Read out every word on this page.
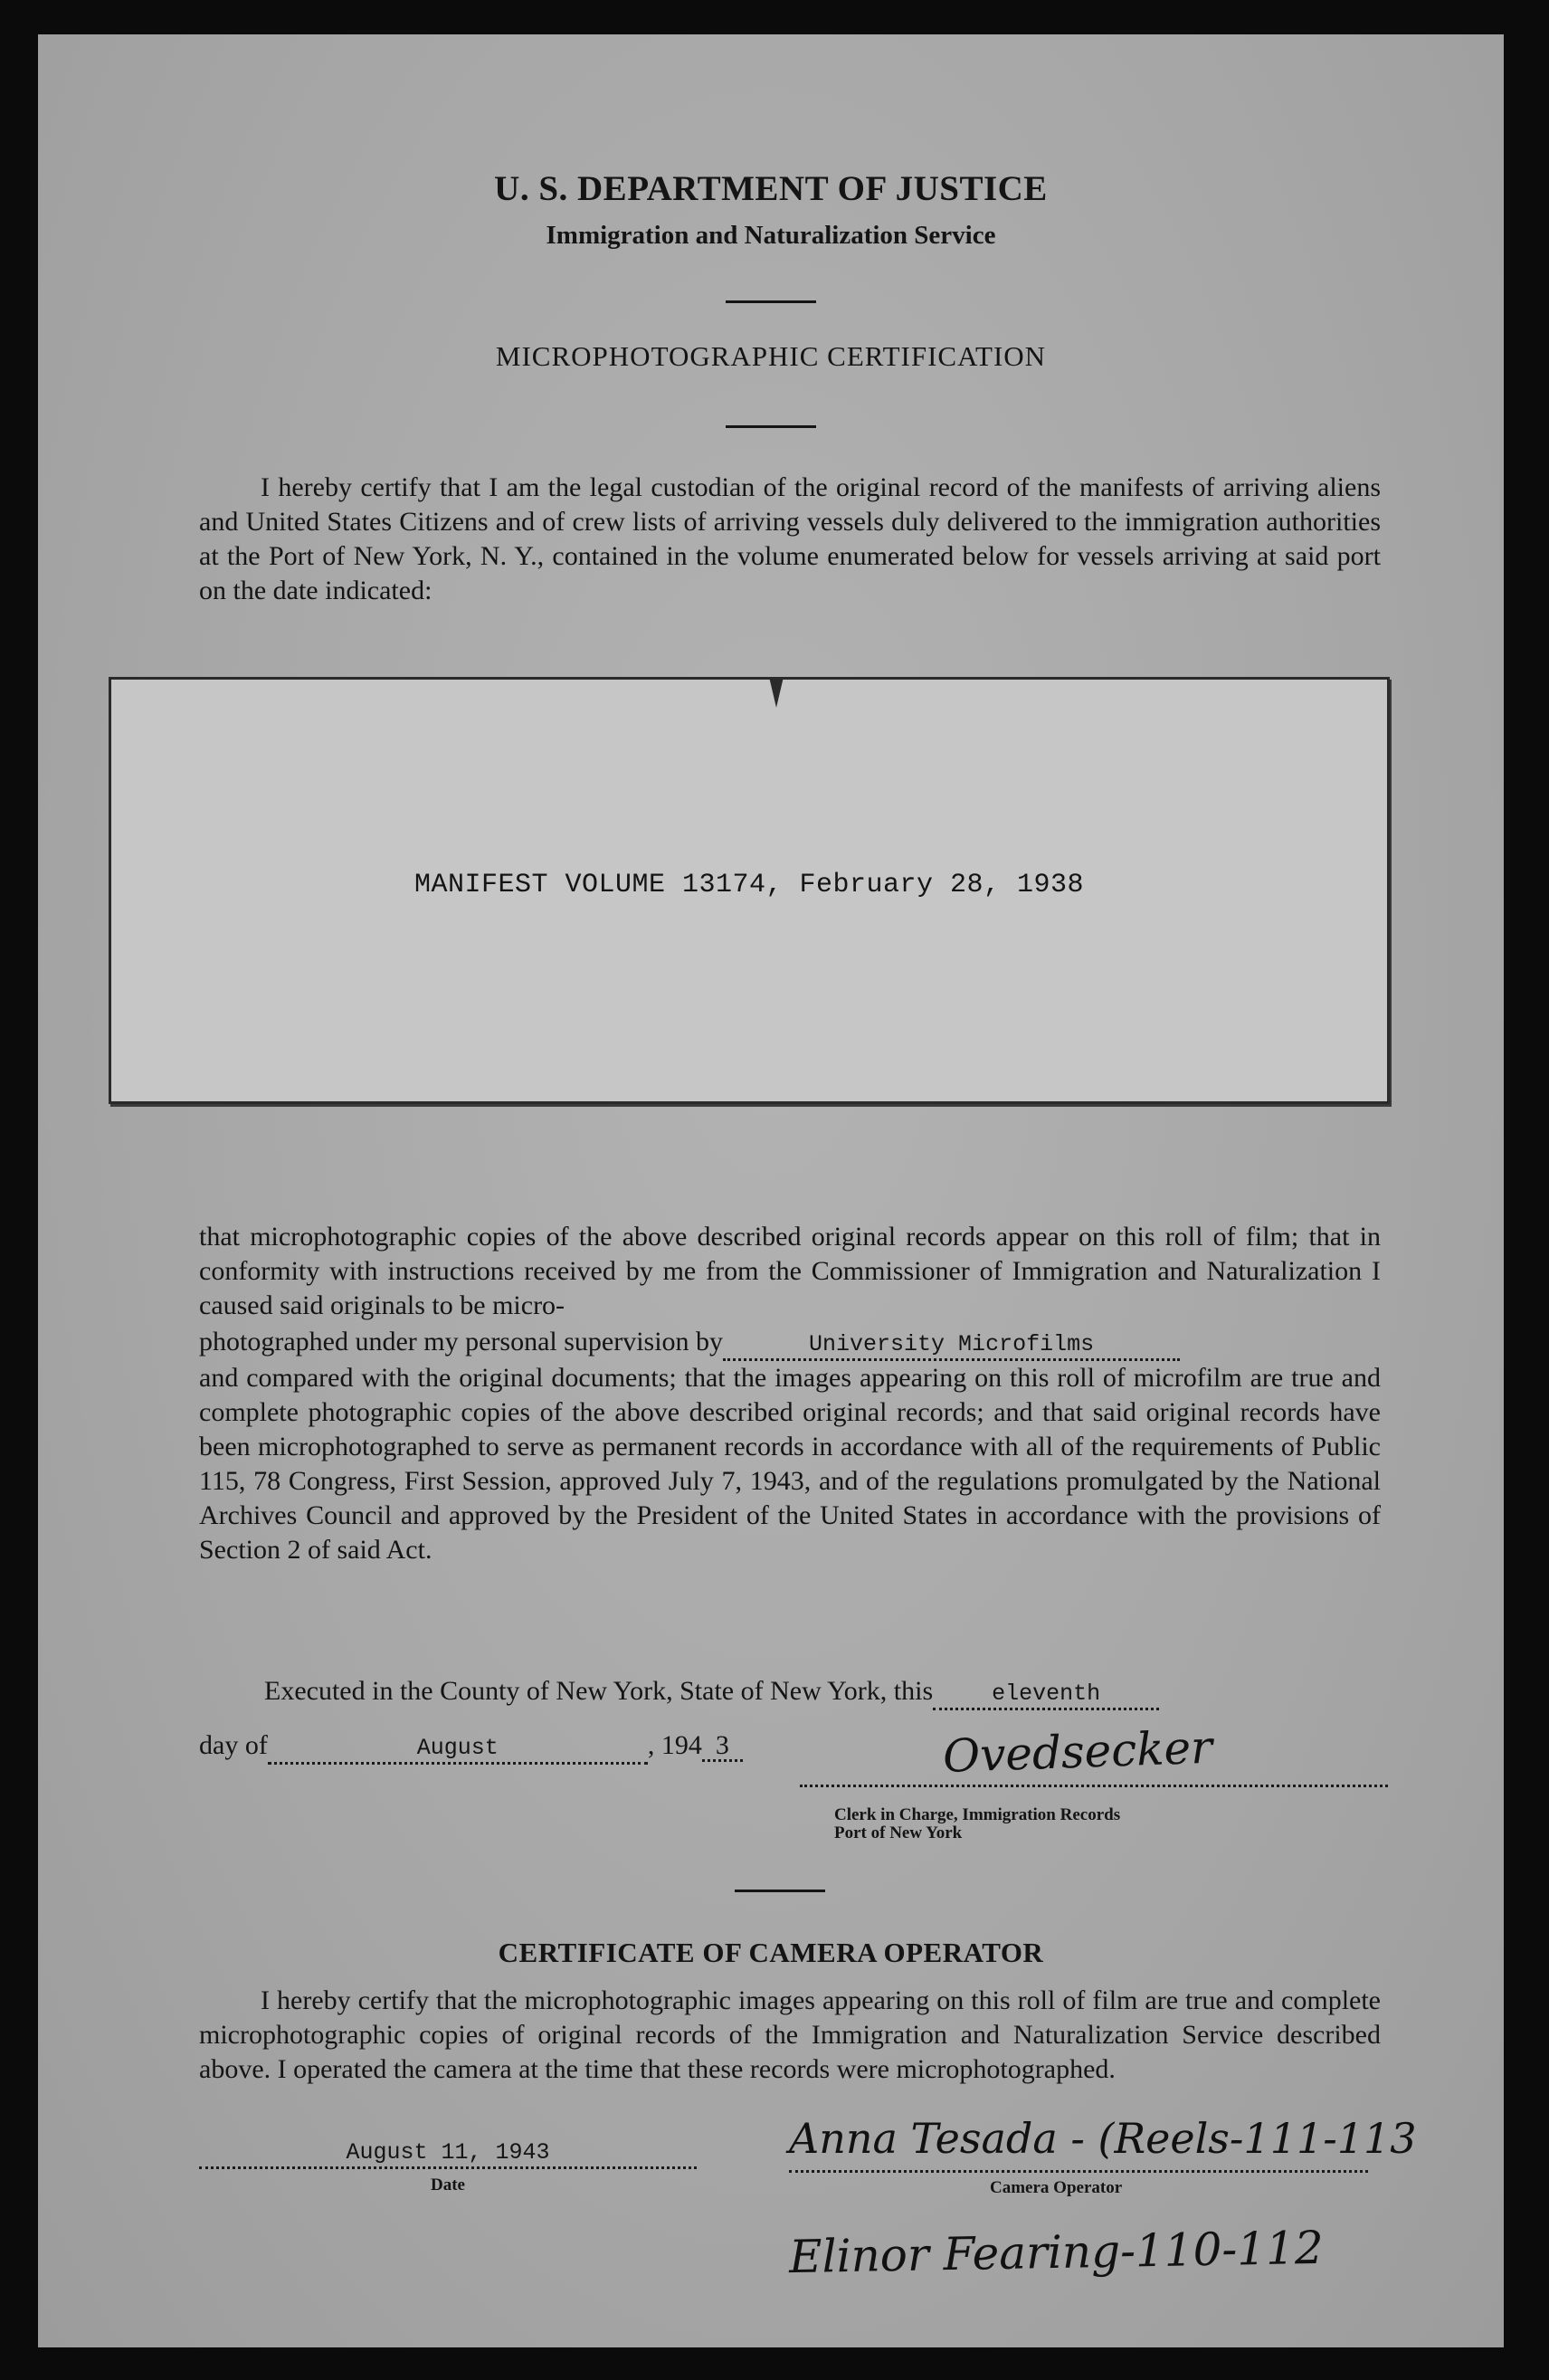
U. S. DEPARTMENT OF JUSTICE
Immigration and Naturalization Service
MICROPHOTOGRAPHIC CERTIFICATION

I hereby certify that I am the legal custodian of the original record of the manifests of arriving aliens and United States Citizens and of crew lists of arriving vessels duly delivered to the immigration authorities at the Port of New York, N. Y., contained in the volume enumerated below for vessels arriving at said port on the date indicated:

MANIFEST VOLUME 13174, February 28, 1938

that microphotographic copies of the above described original records appear on this roll of film; that in conformity with instructions received by me from the Commissioner of Immigration and Naturalization I caused said originals to be micro-

photographed under my personal supervision by	University Microfilms

and compared with the original documents; that the images appearing on this roll of microfilm are true and complete photographic copies of the above described original records; and that said original records have been microphotographed to serve as permanent records in accordance with all of the requirements of Public 115, 78 Congress, First Session, approved July 7, 1943, and of the regulations promulgated by the National Archives Council and approved by the President of the United States in accordance with the provisions of Section 2 of said Act.

Executed in the County of New York, State of New York, this	eleventh
day of	August	, 194 3	Ovedsecker
Clerk in Charge, Immigration Records
Port of New York
CERTIFICATE OF CAMERA OPERATOR

I hereby certify that the microphotographic images appearing on this roll of film are true and complete microphotographic copies of original records of the Immigration and Naturalization Service described above. I operated the camera at the time that these records were microphotographed.

August 11, 1943
Date
Anna Tesada - (Reels-111-113
Camera Operator
Elinor Fearing-110-112
